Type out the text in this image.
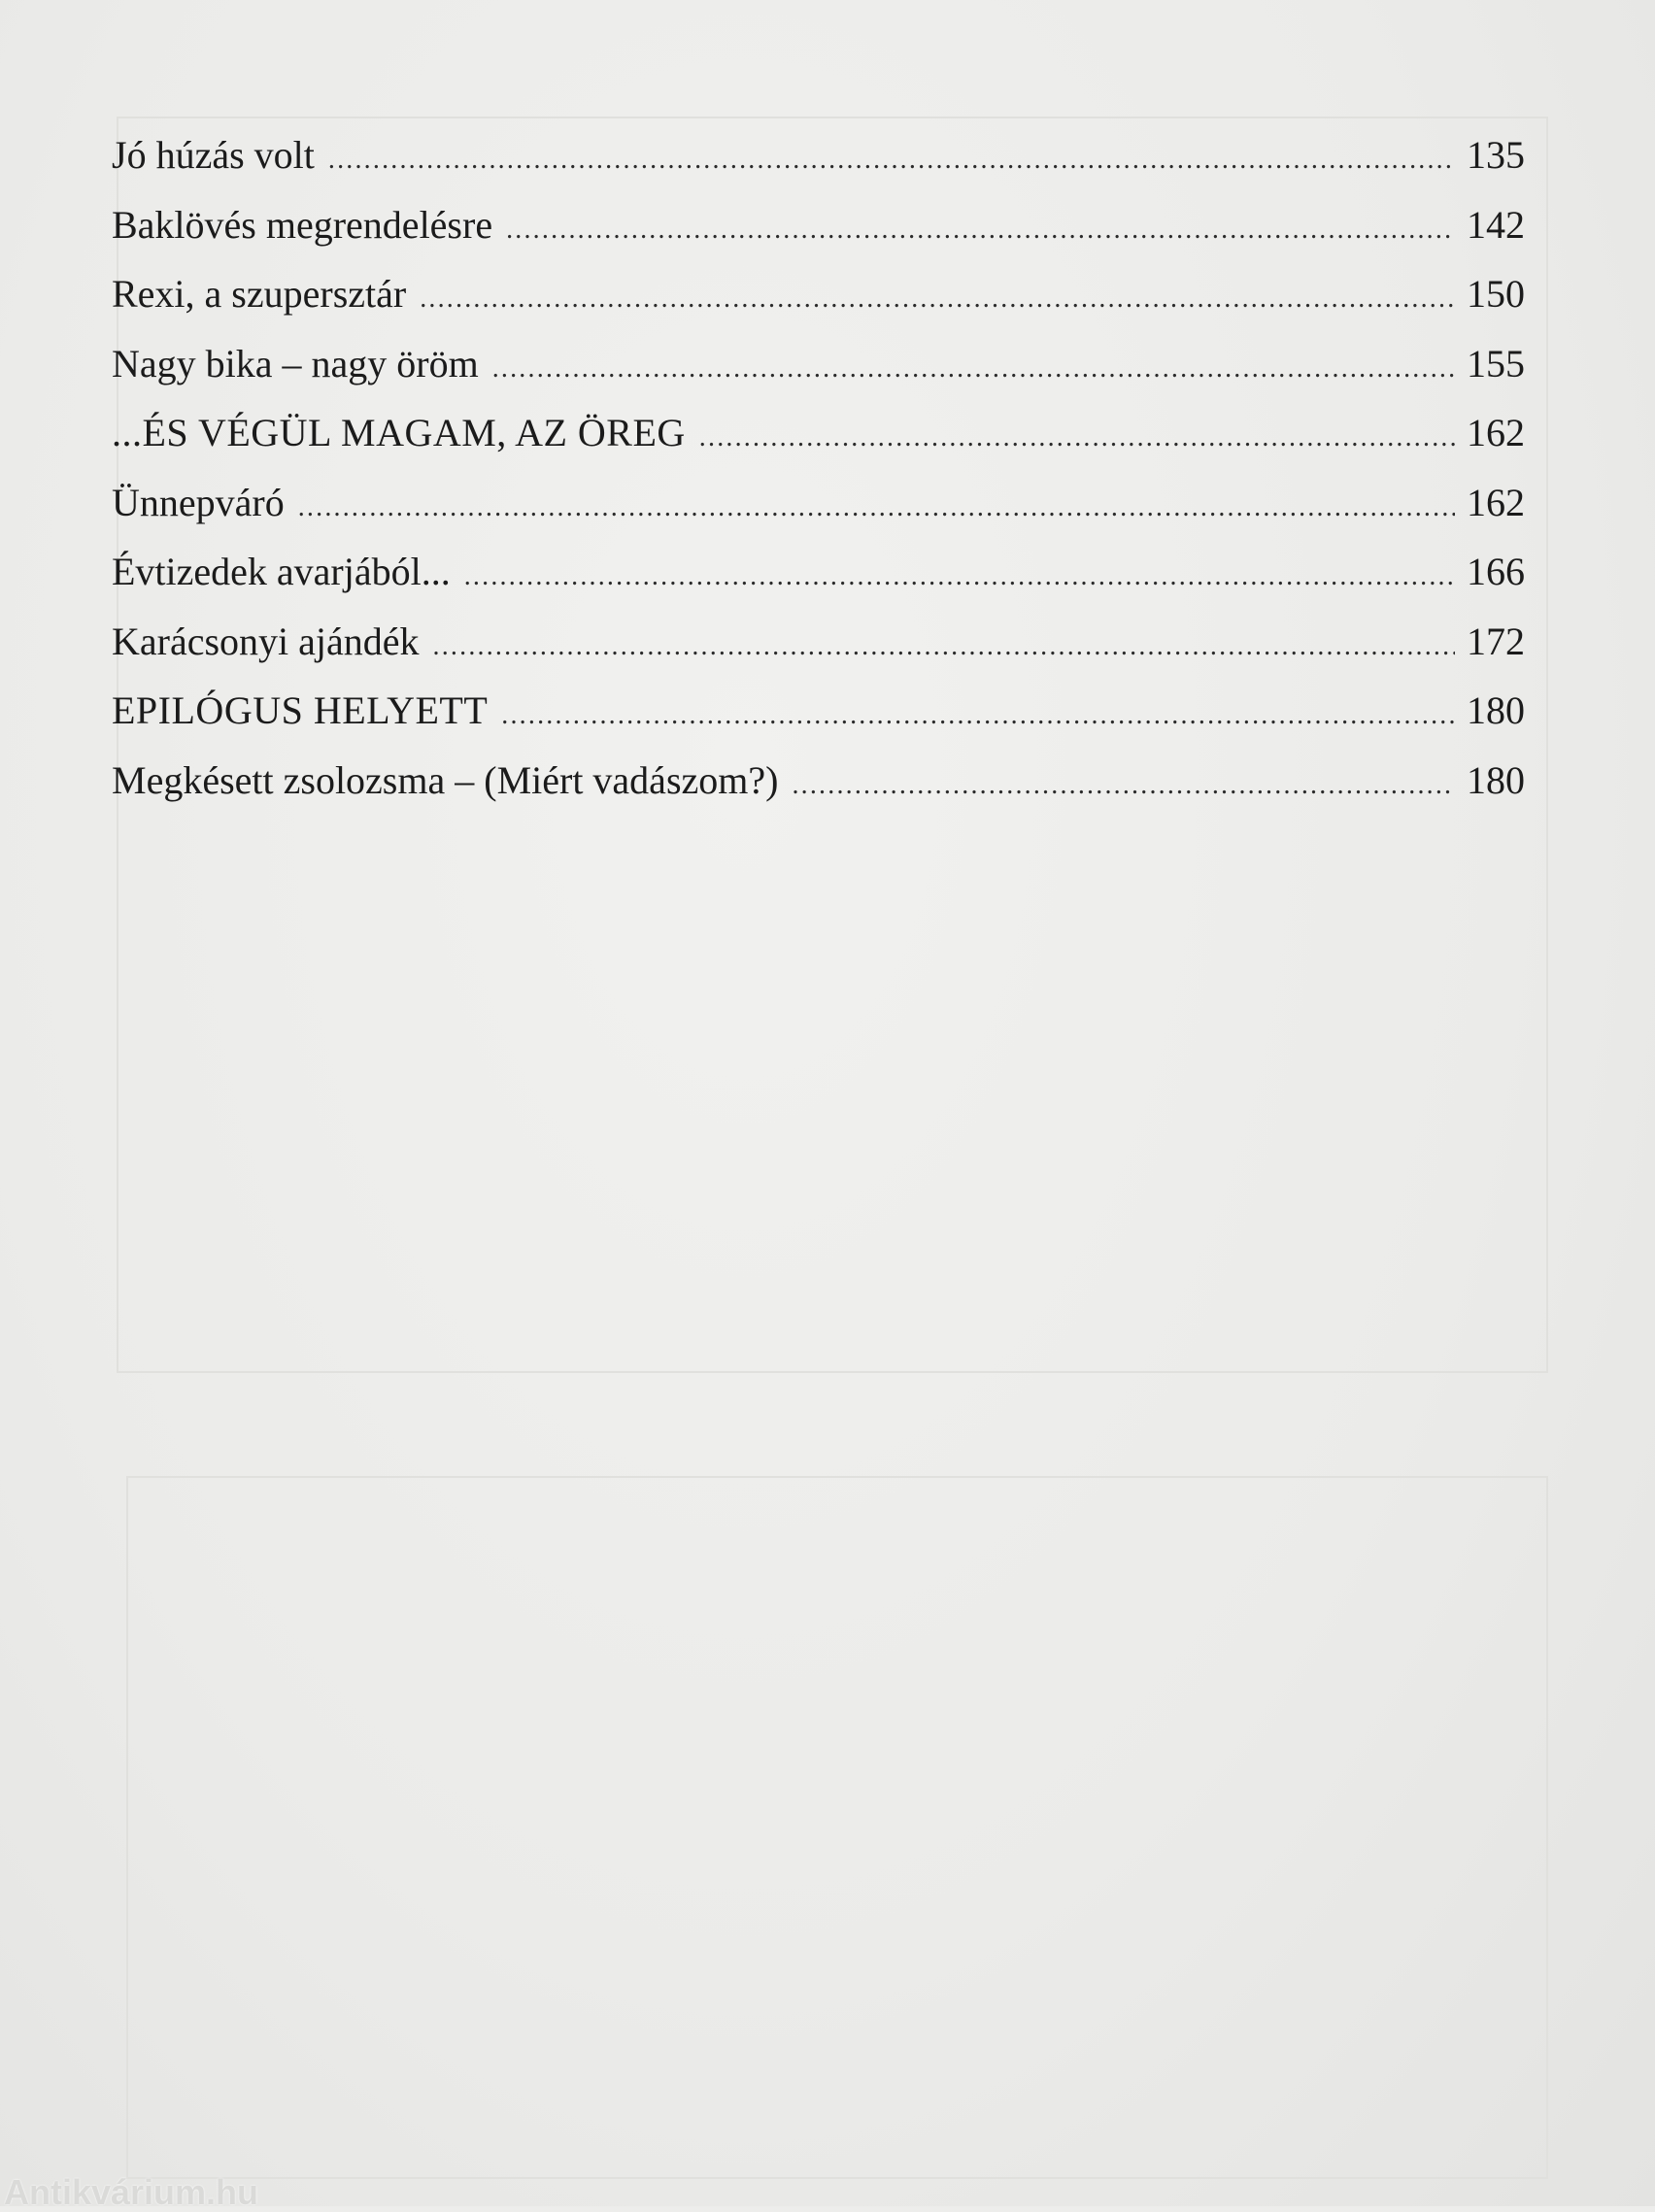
Jó húzás volt .....	135
Baklövés megrendelésre .....	142
Rexi, a szupersztár .....	150
Nagy bika – nagy öröm .....	155
...ÉS VÉGÜL MAGAM, AZ ÖREG .....	162
Ünnepváró .....	162
Évtizedek avarjából... .....	166
Karácsonyi ajándék .....	172
EPILÓGUS HELYETT .....	180
Megkésett zsolozsma – (Miért vadászom?) .....	180
Antikvárium.hu
